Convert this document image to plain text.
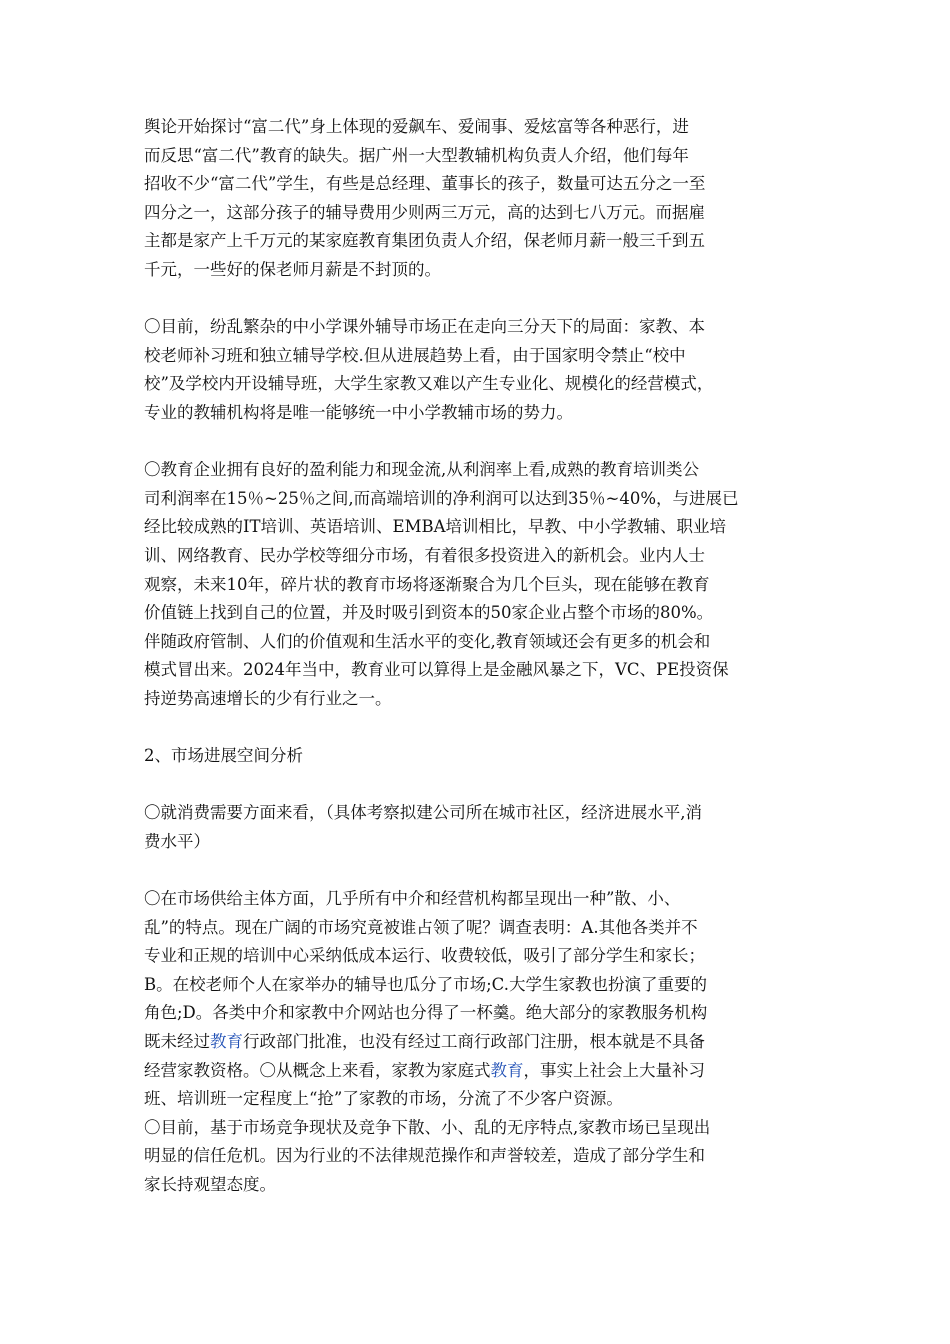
舆论开始探讨“富二代”身上体现的爱飙车、爱闹事、爱炫富等各种恶行，进
而反思“富二代”教育的缺失。据广州一大型教辅机构负责人介绍，他们每年
招收不少“富二代”学生，有些是总经理、董事长的孩子，数量可达五分之一至
四分之一，这部分孩子的辅导费用少则两三万元，高的达到七八万元。而据雇
主都是家产上千万元的某家庭教育集团负责人介绍，保老师月薪一般三千到五
千元，一些好的保老师月薪是不封顶的。

〇目前，纷乱繁杂的中小学课外辅导市场正在走向三分天下的局面：家教、本
校老师补习班和独立辅导学校.但从进展趋势上看，由于国家明令禁止“校中
校”及学校内开设辅导班，大学生家教又难以产生专业化、规模化的经营模式，
专业的教辅机构将是唯一能够统一中小学教辅市场的势力。

〇教育企业拥有良好的盈利能力和现金流,从利润率上看,成熟的教育培训类公
司利润率在15％~25％之间,而高端培训的净利润可以达到35％~40%，与进展已
经比较成熟的IT培训、英语培训、EMBA培训相比，早教、中小学教辅、职业培
训、网络教育、民办学校等细分市场，有着很多投资进入的新机会。业内人士
观察，未来10年，碎片状的教育市场将逐渐聚合为几个巨头，现在能够在教育
价值链上找到自己的位置，并及时吸引到资本的50家企业占整个市场的80%。
伴随政府管制、人们的价值观和生活水平的变化,教育领域还会有更多的机会和
模式冒出来。2024年当中，教育业可以算得上是金融风暴之下，VC、PE投资保
持逆势高速增长的少有行业之一。

2、市场进展空间分析

〇就消费需要方面来看，（具体考察拟建公司所在城市社区，经济进展水平,消
费水平）

〇在市场供给主体方面，几乎所有中介和经营机构都呈现出一种”散、小、
乱”的特点。现在广阔的市场究竟被谁占领了呢？调查表明：A.其他各类并不
专业和正规的培训中心采纳低成本运行、收费较低，吸引了部分学生和家长；
B。在校老师个人在家举办的辅导也瓜分了市场;C.大学生家教也扮演了重要的
角色;D。各类中介和家教中介网站也分得了一杯羹。绝大部分的家教服务机构
既未经过教育行政部门批准，也没有经过工商行政部门注册，根本就是不具备
经营家教资格。〇从概念上来看，家教为家庭式教育，事实上社会上大量补习
班、培训班一定程度上“抢”了家教的市场，分流了不少客户资源。

〇目前，基于市场竞争现状及竞争下散、小、乱的无序特点,家教市场已呈现出
明显的信任危机。因为行业的不法律规范操作和声誉较差，造成了部分学生和
家长持观望态度。
